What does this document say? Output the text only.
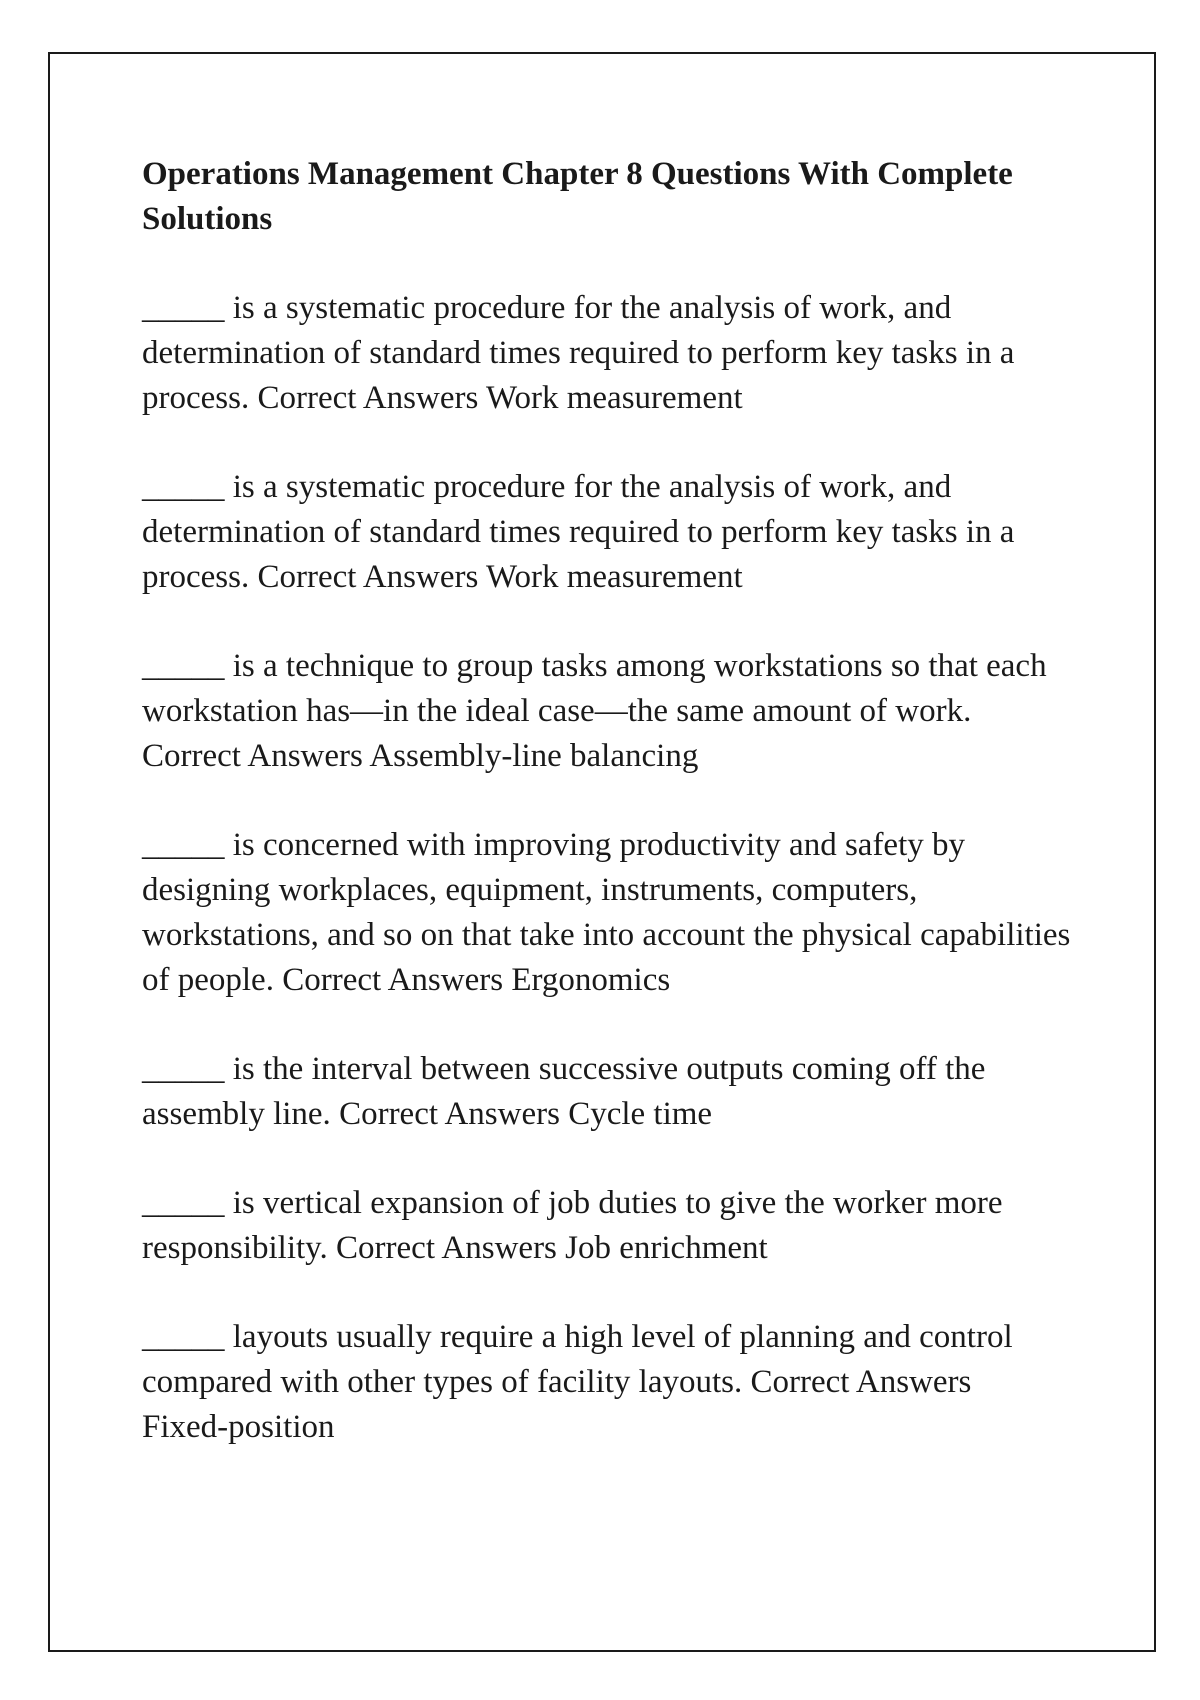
Operations Management Chapter 8 Questions With Complete Solutions

_____ is a systematic procedure for the analysis of work, and determination of standard times required to perform key tasks in a process. Correct Answers Work measurement

_____ is a systematic procedure for the analysis of work, and determination of standard times required to perform key tasks in a process. Correct Answers Work measurement

_____ is a technique to group tasks among workstations so that each workstation has—in the ideal case—the same amount of work. Correct Answers Assembly-line balancing

_____ is concerned with improving productivity and safety by designing workplaces, equipment, instruments, computers, workstations, and so on that take into account the physical capabilities of people. Correct Answers Ergonomics

_____ is the interval between successive outputs coming off the assembly line. Correct Answers Cycle time

_____ is vertical expansion of job duties to give the worker more responsibility. Correct Answers Job enrichment

_____ layouts usually require a high level of planning and control compared with other types of facility layouts. Correct Answers Fixed-position
